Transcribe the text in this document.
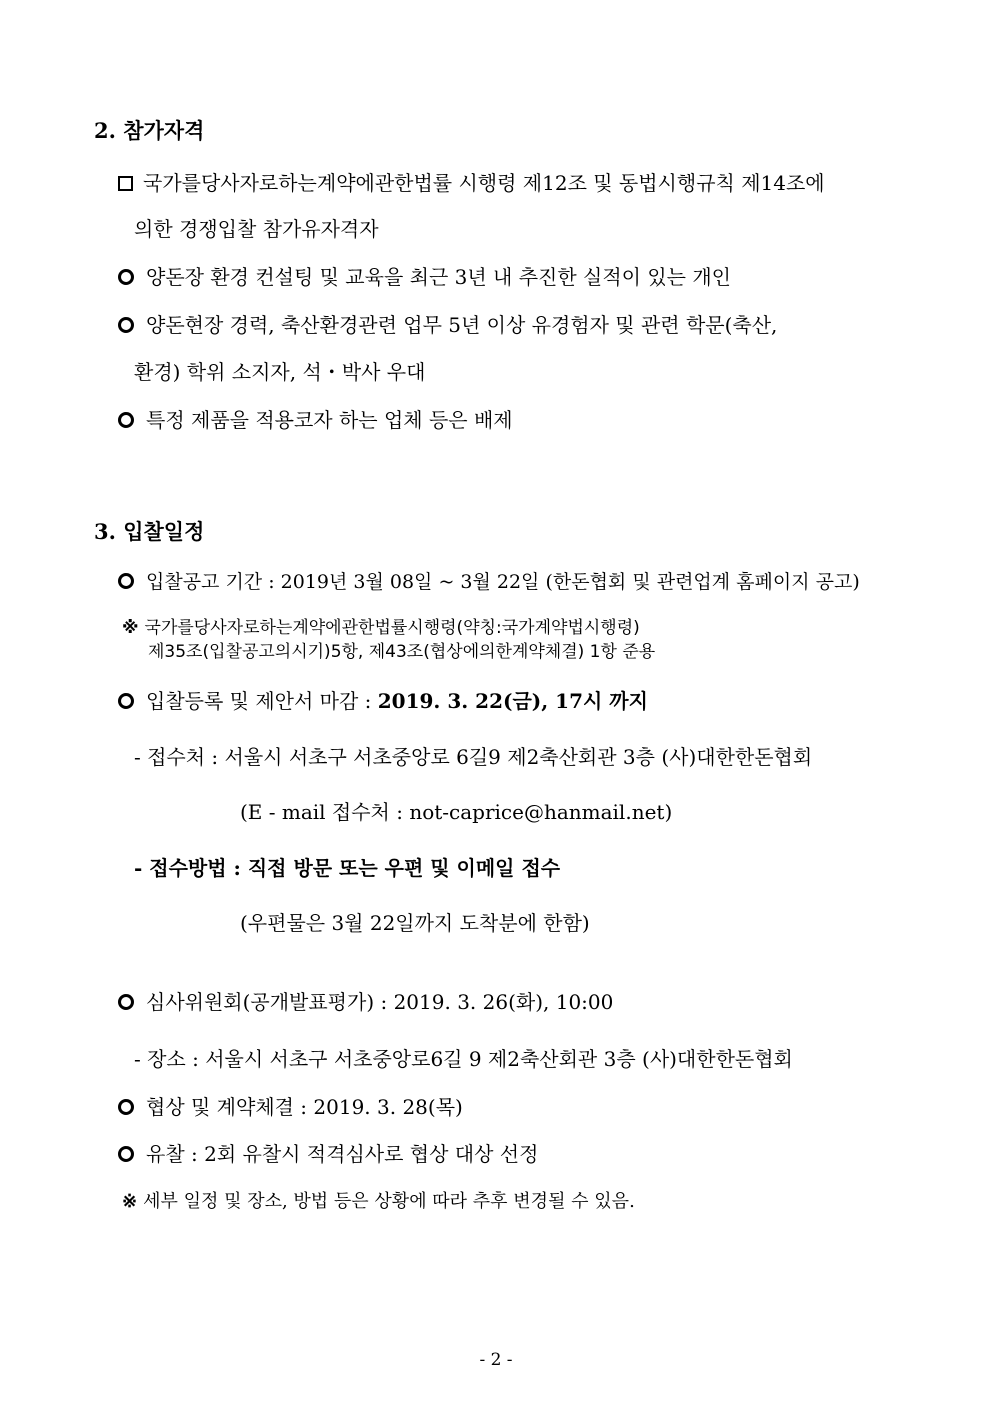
2. 참가자격
국가를당사자로하는계약에관한법률 시행령 제12조 및 동법시행규칙 제14조에
의한 경쟁입찰 참가유자격자
양돈장 환경 컨설팅 및 교육을 최근 3년 내 추진한 실적이 있는 개인
양돈현장 경력, 축산환경관련 업무 5년 이상 유경험자 및 관련 학문(축산,
환경) 학위 소지자, 석・박사 우대
특정 제품을 적용코자 하는 업체 등은 배제
3. 입찰일정
입찰공고 기간 : 2019년 3월 08일 ~ 3월 22일 (한돈협회 및 관련업계 홈페이지 공고)
※ 국가를당사자로하는계약에관한법률시행령(약칭:국가계약법시행령)
제35조(입찰공고의시기)5항, 제43조(협상에의한계약체결) 1항 준용
입찰등록 및 제안서 마감 : 2019. 3. 22(금), 17시 까지
- 접수처 : 서울시 서초구 서초중앙로 6길9 제2축산회관 3층 (사)대한한돈협회
(E - mail 접수처 : not-caprice@hanmail.net)
- 접수방법 : 직접 방문 또는 우편 및 이메일 접수
(우편물은 3월 22일까지 도착분에 한함)
심사위원회(공개발표평가) : 2019. 3. 26(화), 10:00
- 장소 : 서울시 서초구 서초중앙로6길 9 제2축산회관 3층 (사)대한한돈협회
협상 및 계약체결 : 2019. 3. 28(목)
유찰 : 2회 유찰시 적격심사로 협상 대상 선정
※ 세부 일정 및 장소, 방법 등은 상황에 따라 추후 변경될 수 있음.
- 2 -
